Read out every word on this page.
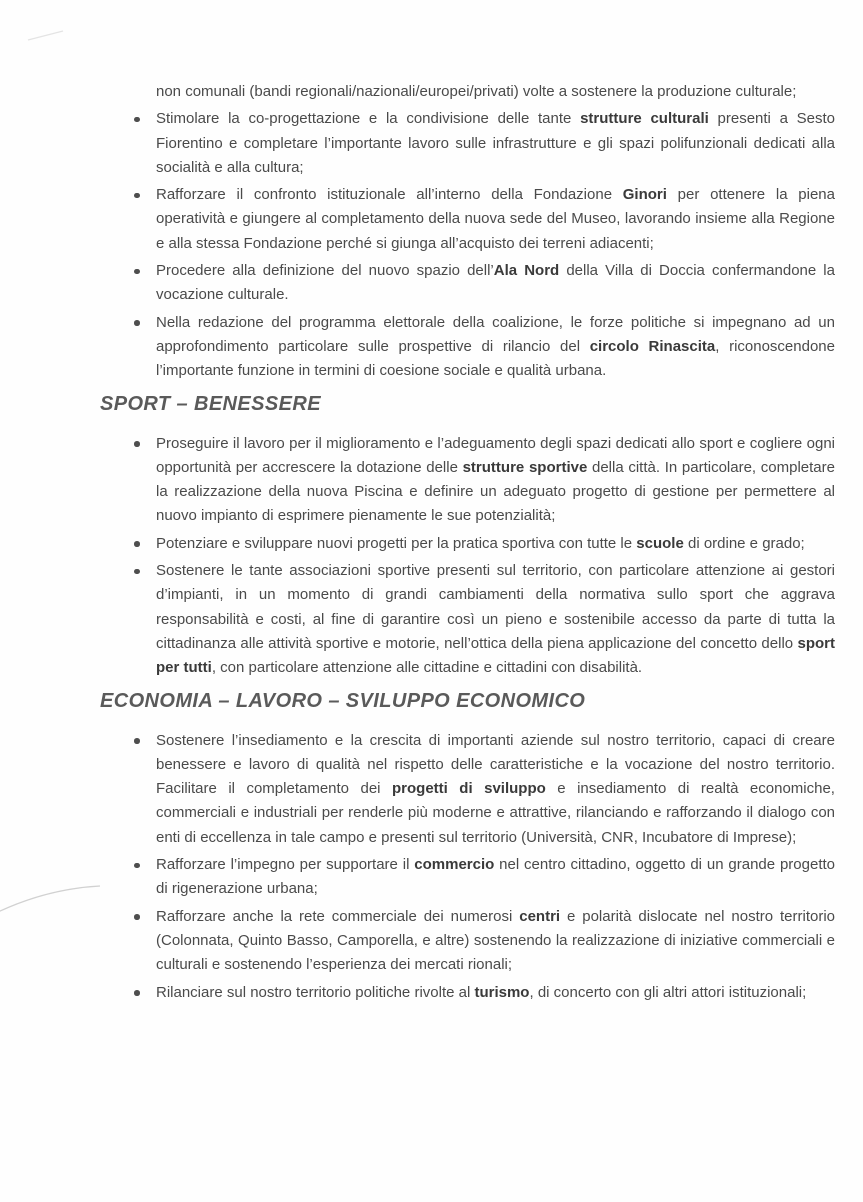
non comunali (bandi regionali/nazionali/europei/privati) volte a sostenere la produzione culturale;

Stimolare la co-progettazione e la condivisione delle tante strutture culturali presenti a Sesto Fiorentino e completare l’importante lavoro sulle infrastrutture e gli spazi polifunzionali dedicati alla socialità e alla cultura;
Rafforzare il confronto istituzionale all’interno della Fondazione Ginori per ottenere la piena operatività e giungere al completamento della nuova sede del Museo, lavorando insieme alla Regione e alla stessa Fondazione perché si giunga all’acquisto dei terreni adiacenti;
Procedere alla definizione del nuovo spazio dell’Ala Nord della Villa di Doccia confermandone la vocazione culturale.
Nella redazione del programma elettorale della coalizione, le forze politiche si impegnano ad un approfondimento particolare sulle prospettive di rilancio del circolo Rinascita, riconoscendone l’importante funzione in termini di coesione sociale e qualità urbana.
SPORT – BENESSERE
Proseguire il lavoro per il miglioramento e l’adeguamento degli spazi dedicati allo sport e cogliere ogni opportunità per accrescere la dotazione delle strutture sportive della città. In particolare, completare la realizzazione della nuova Piscina e definire un adeguato progetto di gestione per permettere al nuovo impianto di esprimere pienamente le sue potenzialità;
Potenziare e sviluppare nuovi progetti per la pratica sportiva con tutte le scuole di ordine e grado;
Sostenere le tante associazioni sportive presenti sul territorio, con particolare attenzione ai gestori d’impianti, in un momento di grandi cambiamenti della normativa sullo sport che aggrava responsabilità e costi, al fine di garantire così un pieno e sostenibile accesso da parte di tutta la cittadinanza alle attività sportive e motorie, nell’ottica della piena applicazione del concetto dello sport per tutti, con particolare attenzione alle cittadine e cittadini con disabilità.
ECONOMIA – LAVORO – SVILUPPO ECONOMICO
Sostenere l’insediamento e la crescita di importanti aziende sul nostro territorio, capaci di creare benessere e lavoro di qualità nel rispetto delle caratteristiche e la vocazione del nostro territorio. Facilitare il completamento dei progetti di sviluppo e insediamento di realtà economiche, commerciali e industriali per renderle più moderne e attrattive, rilanciando e rafforzando il dialogo con enti di eccellenza in tale campo e presenti sul territorio (Università, CNR, Incubatore di Imprese);
Rafforzare l’impegno per supportare il commercio nel centro cittadino, oggetto di un grande progetto di rigenerazione urbana;
Rafforzare anche la rete commerciale dei numerosi centri e polarità dislocate nel nostro territorio (Colonnata, Quinto Basso, Camporella, e altre) sostenendo la realizzazione di iniziative commerciali e culturali e sostenendo l’esperienza dei mercati rionali;
Rilanciare sul nostro territorio politiche rivolte al turismo, di concerto con gli altri attori istituzionali;
